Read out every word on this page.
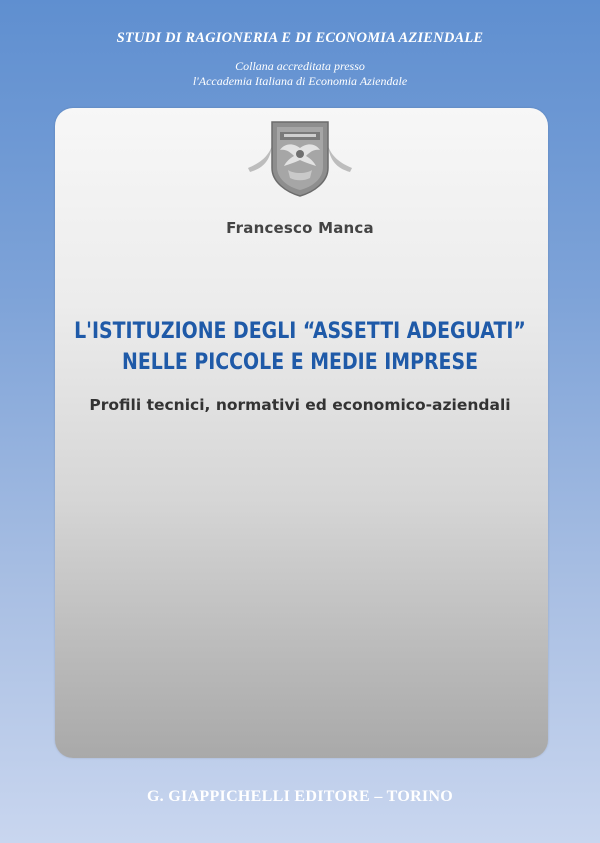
STUDI DI RAGIONERIA E DI ECONOMIA AZIENDALE
Collana accreditata presso
l'Accademia Italiana di Economia Aziendale
Francesco Manca
L'ISTITUZIONE DEGLI “ASSETTI ADEGUATI”
NELLE PICCOLE E MEDIE IMPRESE
Profili tecnici, normativi ed economico-aziendali
G. GIAPPICHELLI EDITORE – TORINO
